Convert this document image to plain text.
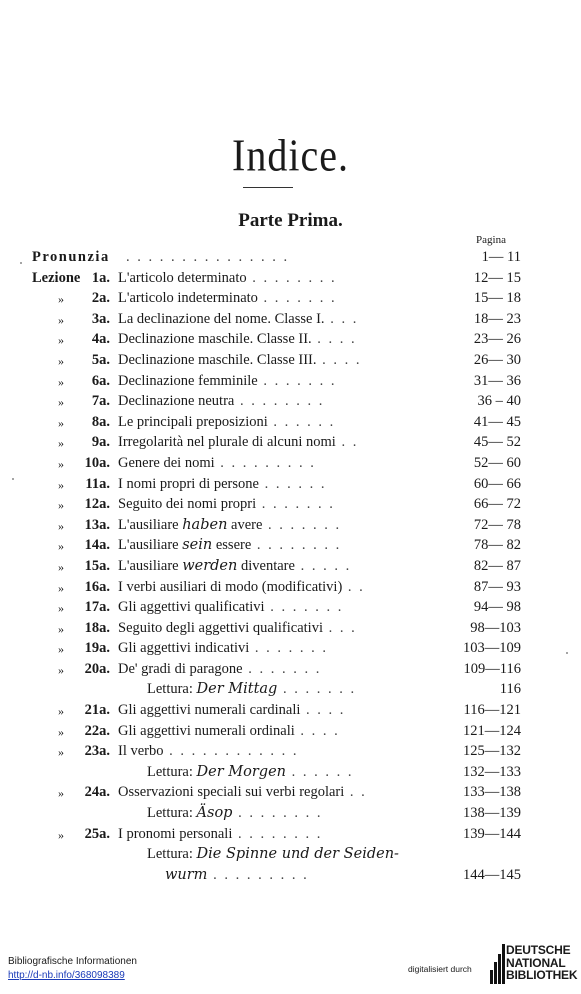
Indice.
Parte Prima.
Pagina
Pronunzia . . . . . . . . . . . . . . .	1— 11
Lezione 1a. L'articolo determinato . . . . . . . .	12— 15
»	2a. L'articolo indeterminato . . . . . . .	15— 18
»	3a. La declinazione del nome. Classe I. . . .	18— 23
»	4a. Declinazione maschile. Classe II. . . . .	23— 26
»	5a. Declinazione maschile. Classe III. . . . .	26— 30
»	6a. Declinazione femminile . . . . . . .	31— 36
»	7a. Declinazione neutra . . . . . . . .	36 – 40
»	8a. Le principali preposizioni . . . . . .	41— 45
»	9a. Irregolarità nel plurale di alcuni nomi . .	45— 52
»	10a. Genere dei nomi . . . . . . . . .	52— 60
»	11a. I nomi propri di persone . . . . . .	60— 66
»	12a. Seguito dei nomi propri . . . . . . .	66— 72
»	13a. L'ausiliare haben avere . . . . . . .	72— 78
»	14a. L'ausiliare sein essere . . . . . . . .	78— 82
»	15a. L'ausiliare werden diventare . . . . .	82— 87
»	16a. I verbi ausiliari di modo (modificativi) . .	87— 93
»	17a. Gli aggettivi qualificativi . . . . . . .	94— 98
»	18a. Seguito degli aggettivi qualificativi . . .	98—103
»	19a. Gli aggettivi indicativi . . . . . . .	103—109
»	20a. De' gradi di paragone . . . . . . .	109—116
Lettura: Der Mittag . . . . . . .	116
»	21a. Gli aggettivi numerali cardinali . . . .	116—121
»	22a. Gli aggettivi numerali ordinali . . . .	121—124
»	23a. Il verbo . . . . . . . . . . . .	125—132
Lettura: Der Morgen . . . . . .	132—133
»	24a. Osservazioni speciali sui verbi regolari . .	133—138
Lettura: Äsop . . . . . . . .	138—139
»	25a. I pronomi personali . . . . . . . .	139—144
Lettura: Die Spinne und der Seiden-
wurm . . . . . . . . .	144—145
Bibliografische Informationen
http://d-nb.info/368098389
digitalisiert durch
DEUTSCHE
NATIONAL
BIBLIOTHEK
